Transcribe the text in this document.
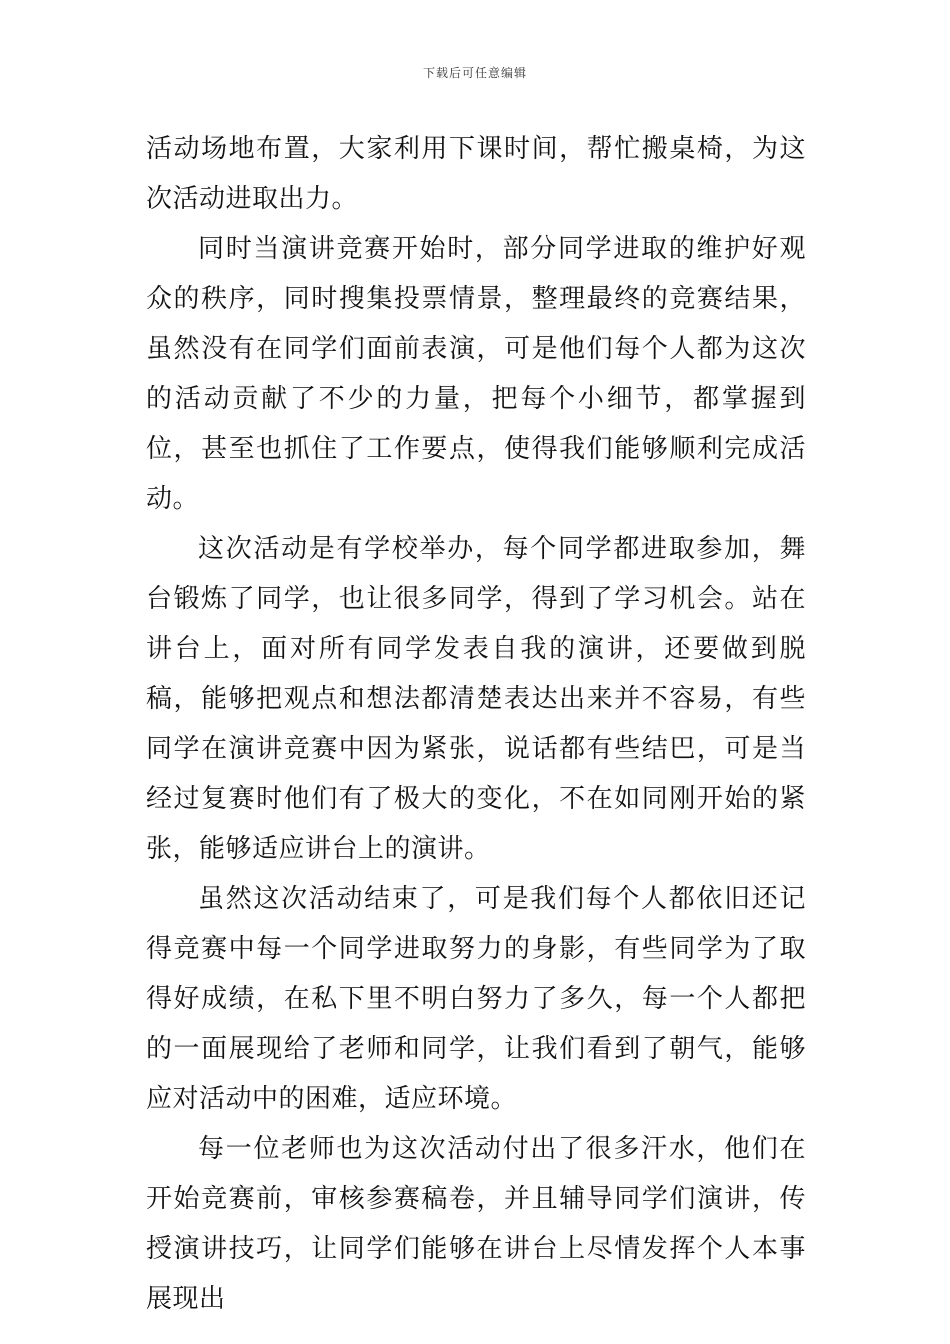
下载后可任意编辑

活动场地布置，大家利用下课时间，帮忙搬桌椅，为这次活动进取出力。

同时当演讲竞赛开始时，部分同学进取的维护好观众的秩序，同时搜集投票情景，整理最终的竞赛结果，虽然没有在同学们面前表演，可是他们每个人都为这次的活动贡献了不少的力量，把每个小细节，都掌握到位，甚至也抓住了工作要点，使得我们能够顺利完成活动。

这次活动是有学校举办，每个同学都进取参加，舞台锻炼了同学，也让很多同学，得到了学习机会。站在讲台上，面对所有同学发表自我的演讲，还要做到脱稿，能够把观点和想法都清楚表达出来并不容易，有些同学在演讲竞赛中因为紧张，说话都有些结巴，可是当经过复赛时他们有了极大的变化，不在如同刚开始的紧张，能够适应讲台上的演讲。

虽然这次活动结束了，可是我们每个人都依旧还记得竞赛中每一个同学进取努力的身影，有些同学为了取得好成绩，在私下里不明白努力了多久，每一个人都把的一面展现给了老师和同学，让我们看到了朝气，能够应对活动中的困难，适应环境。

每一位老师也为这次活动付出了很多汗水，他们在开始竞赛前，审核参赛稿卷，并且辅导同学们演讲，传授演讲技巧，让同学们能够在讲台上尽情发挥个人本事展现出
